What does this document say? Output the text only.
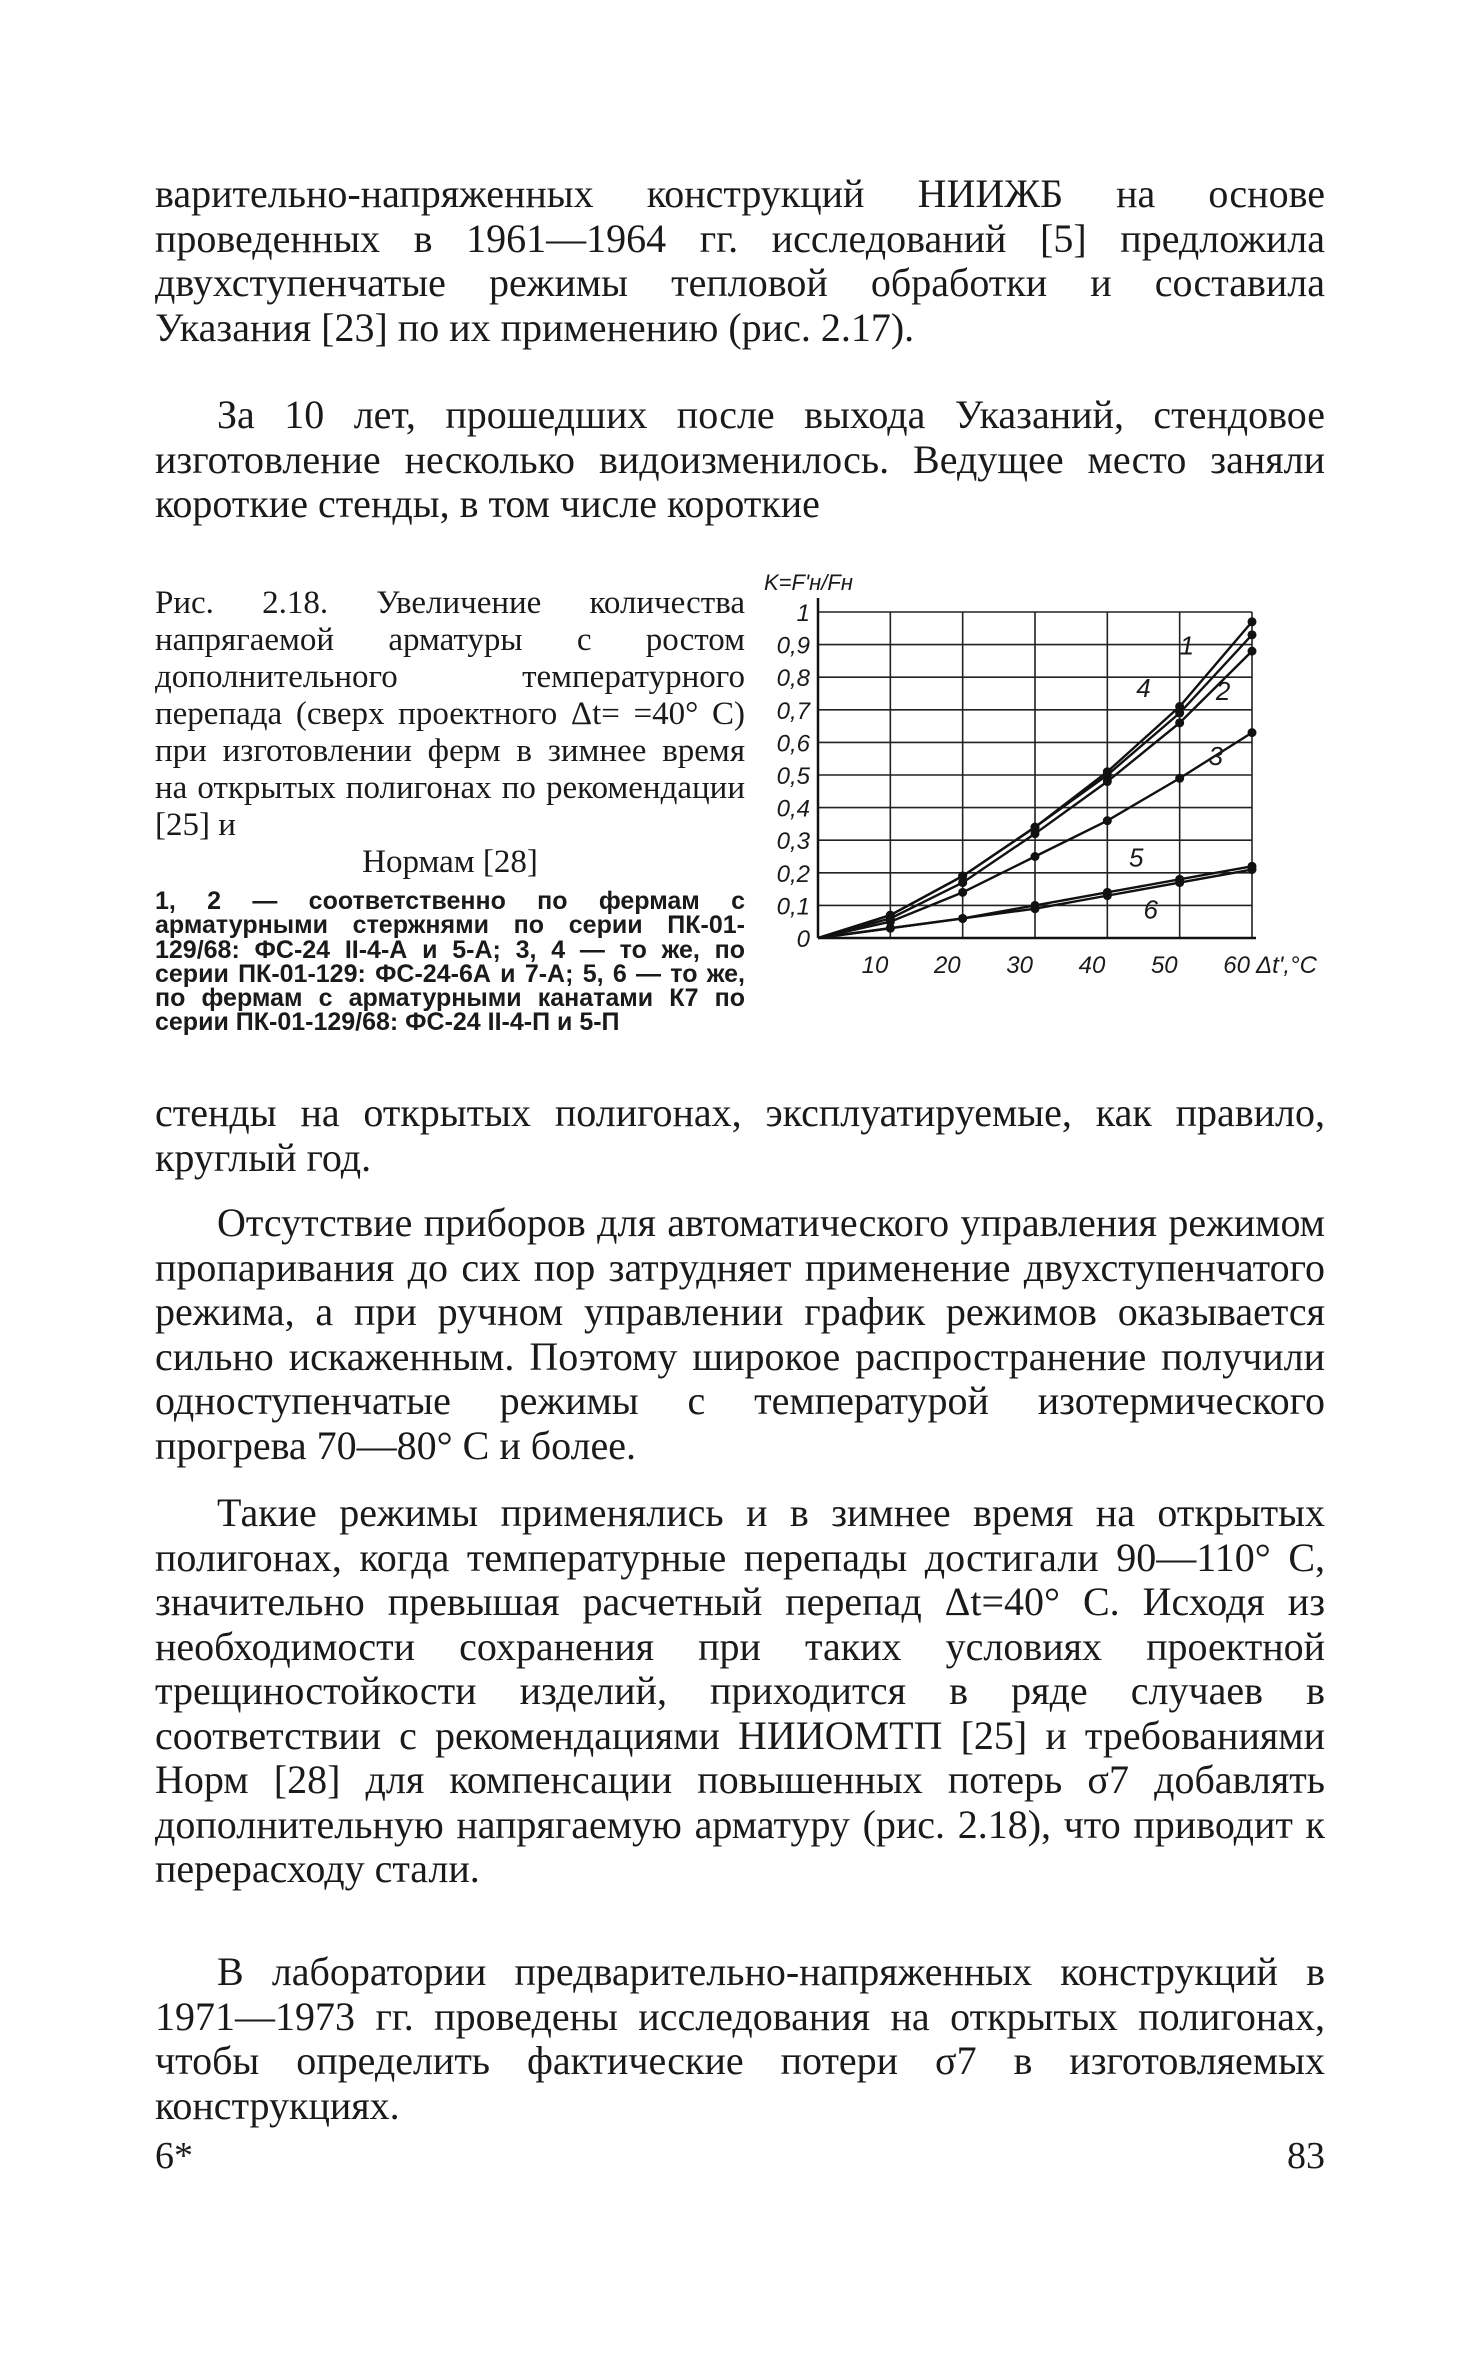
варительно-напряженных конструкций НИИЖБ на основе проведенных в 1961—1964 гг. исследований [5] предложила двухступенчатые режимы тепловой обработки и составила Указания [23] по их применению (рис. 2.17).

За 10 лет, прошедших после выхода Указаний, стендовое изготовление несколько видоизменилось. Ведущее место заняли короткие стенды, в том числе короткие

Рис. 2.18. Увеличение количества напрягаемой арматуры с ростом дополнительного температурного перепада (сверх проектного Δt= =40° С) при изготовлении ферм в зимнее время на открытых полигонах по рекомендации [25] и

Нормам [28]

1, 2 — соответственно по фермам с арматурными стержнями по серии ПК-01-129/68: ФС-24 II-4-А и 5-А; 3, 4 — то же, по серии ПК-01-129: ФС-24-6А и 7-А; 5, 6 — то же, по фермам с арматурными канатами К7 по серии ПК-01-129/68: ФС-24 II-4-П и 5-П

0
0,1
0,2
0,3
0,4
0,5
0,6
0,7
0,8
0,9
1
10 20 30 40 50 60
K=F'н/Fн
Δt',°C
1
2
3
4
5
6

стенды на открытых полигонах, эксплуатируемые, как правило, круглый год.

Отсутствие приборов для автоматического управления режимом пропаривания до сих пор затрудняет применение двухступенчатого режима, а при ручном управлении график режимов оказывается сильно искаженным. Поэтому широкое распространение получили одноступенчатые режимы с температурой изотермического прогрева 70—80° С и более.

Такие режимы применялись и в зимнее время на открытых полигонах, когда температурные перепады достигали 90—110° С, значительно превышая расчетный перепад Δt=40° С. Исходя из необходимости сохранения при таких условиях проектной трещиностойкости изделий, приходится в ряде случаев в соответствии с рекомендациями НИИОМТП [25] и требованиями Норм [28] для компенсации повышенных потерь σ7 добавлять дополнительную напрягаемую арматуру (рис. 2.18), что приводит к перерасходу стали.

В лаборатории предварительно-напряженных конструкций в 1971—1973 гг. проведены исследования на открытых полигонах, чтобы определить фактические потери σ7 в изготовляемых конструкциях.

6*	83
